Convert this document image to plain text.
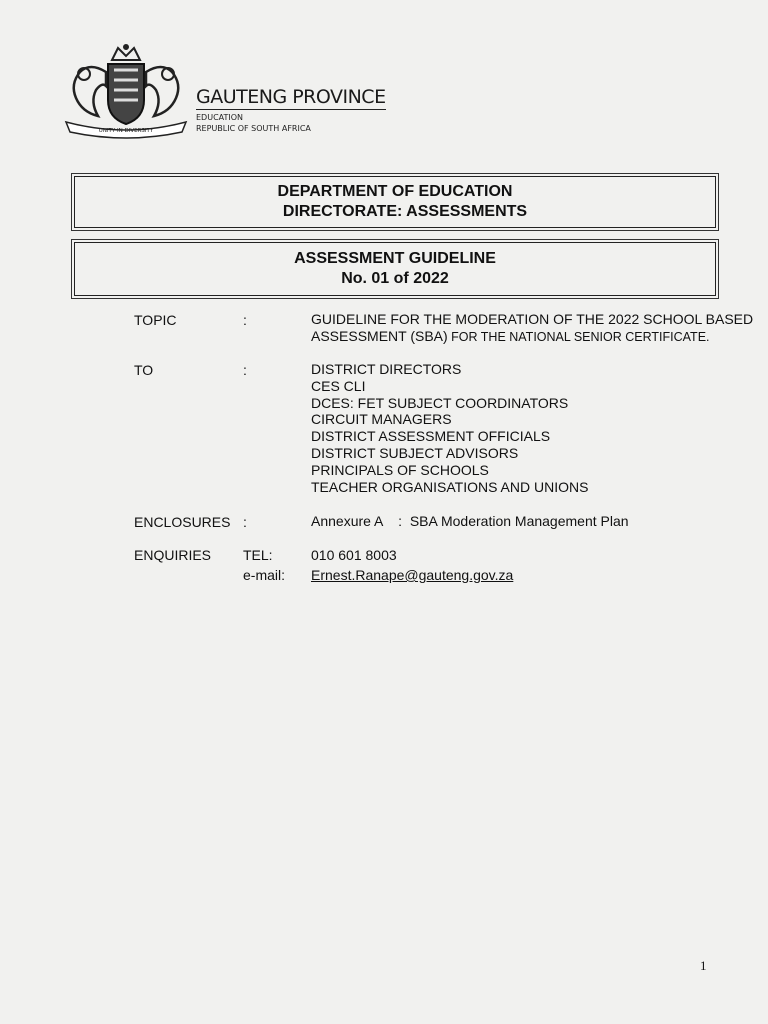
UNITY IN DIVERSITY
GAUTENG PROVINCE
EDUCATION
REPUBLIC OF SOUTH AFRICA
DEPARTMENT OF EDUCATION
DIRECTORATE: ASSESSMENTS
ASSESSMENT GUIDELINE
No. 01 of 2022
TOPIC	:	GUIDELINE FOR THE MODERATION OF THE 2022 SCHOOL BASED
ASSESSMENT (SBA) FOR THE NATIONAL SENIOR CERTIFICATE.
TO	:	DISTRICT DIRECTORS
CES CLI
DCES: FET SUBJECT COORDINATORS
CIRCUIT MANAGERS
DISTRICT ASSESSMENT OFFICIALS
DISTRICT SUBJECT ADVISORS
PRINCIPALS OF SCHOOLS
TEACHER ORGANISATIONS AND UNIONS
ENCLOSURES :	Annexure A    :  SBA Moderation Management Plan
ENQUIRIES TEL:	010 601 8003
e-mail: Ernest.Ranape@gauteng.gov.za
1
